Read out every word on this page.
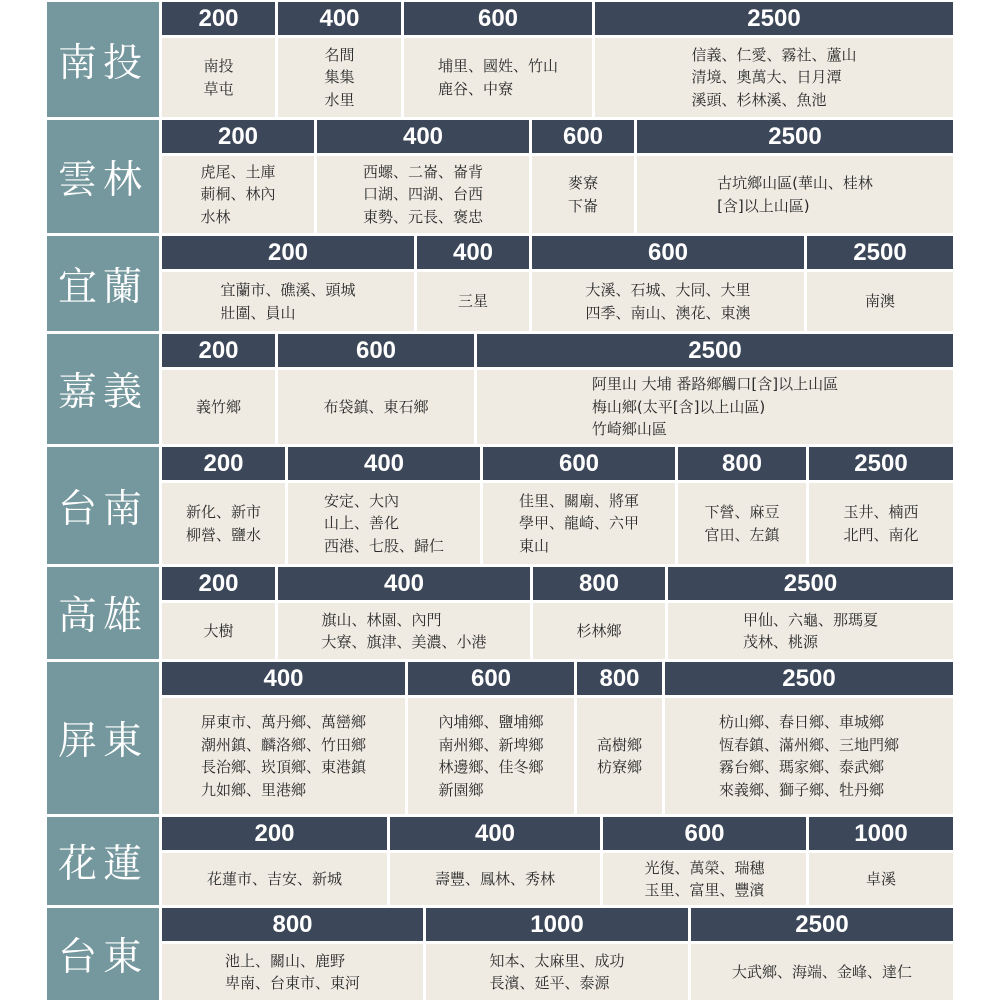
南投
200
南投
草屯
400
名間
集集
水里
600
埔里、國姓、竹山
鹿谷、中寮
2500
信義、仁愛、霧社、蘆山
清境、奧萬大、日月潭
溪頭、杉林溪、魚池
雲林
200
虎尾、土庫
莿桐、林內
水林
400
西螺、二崙、崙背
口湖、四湖、台西
東勢、元長、褒忠
600
麥寮
下崙
2500
古坑鄉山區(華山、桂林
[含]以上山區)
宜蘭
200
宜蘭市、礁溪、頭城
壯圍、員山
400
三星
600
大溪、石城、大同、大里
四季、南山、澳花、東澳
2500
南澳
嘉義
200
義竹鄉
600
布袋鎮、東石鄉
2500
阿里山 大埔 番路鄉觸口[含]以上山區
梅山鄉(太平[含]以上山區)
竹崎鄉山區
台南
200
新化、新市
柳營、鹽水
400
安定、大內
山上、善化
西港、七股、歸仁
600
佳里、關廟、將軍
學甲、龍崎、六甲
東山
800
下營、麻豆
官田、左鎮
2500
玉井、楠西
北門、南化
高雄
200
大樹
400
旗山、林園、內門
大寮、旗津、美濃、小港
800
杉林鄉
2500
甲仙、六龜、那瑪夏
茂林、桃源
屏東
400
屏東市、萬丹鄉、萬巒鄉
潮州鎮、麟洛鄉、竹田鄉
長治鄉、崁頂鄉、東港鎮
九如鄉、里港鄉
600
內埔鄉、鹽埔鄉
南州鄉、新埤鄉
林邊鄉、佳冬鄉
新園鄉
800
高樹鄉
枋寮鄉
2500
枋山鄉、春日鄉、車城鄉
恆春鎮、滿州鄉、三地門鄉
霧台鄉、瑪家鄉、泰武鄉
來義鄉、獅子鄉、牡丹鄉
花蓮
200
花蓮市、吉安、新城
400
壽豐、鳳林、秀林
600
光復、萬榮、瑞穗
玉里、富里、豐濱
1000
卓溪
台東
800
池上、關山、鹿野
卑南、台東市、東河
1000
知本、太麻里、成功
長濱、延平、泰源
2500
大武鄉、海端、金峰、達仁
